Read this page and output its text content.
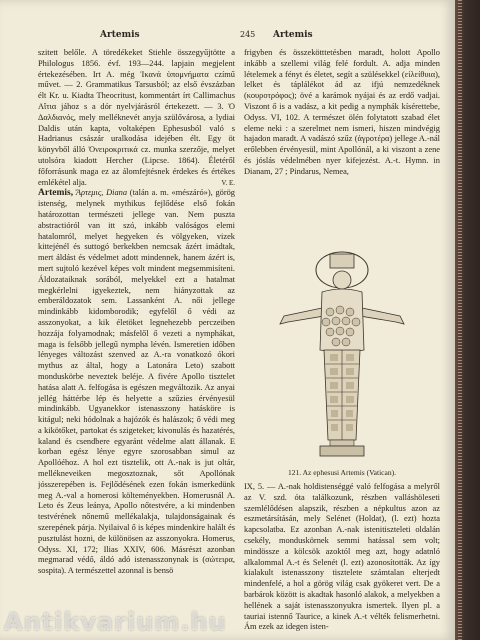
Artemis	245 Artemis

szitett belőle. A töredékeket Stiehle összegyűjtötte a Philologus 1856. évf. 193—244. lapjain megjelent értekezésében. Irt A. még Ἱκανά ὑπομνήματα czímű művet. — 2. Grammatikus Tarsusból; az első évszázban élt Kr. u. Kiadta Theocritust, kommentárt írt Callimachus Αἴτια jához s a dór nyelvjárásról értekezett. — 3. Ὁ Δαλδιανός, mely melléknevét anyja szülővárosa, a lydiai Daldis után kapta, voltaképen Ephesusból való s Hadrianus császár uralkodása idejében élt. Egy öt könyvből álló Ὀνειροκριτικά cz. munka szerzője, melyet utolsóra kiadott Hercher (Lipcse. 1864). Életéről főforrásunk maga ez az álomfejtésnek érdekes és értékes emlékétel alja.	V. E.

Artemis, Ἄρτεμις, Diana (talán a. m. «mészáró»), görög istenség, melynek mythikus fejlődése első fokán határozottan természeti jellege van. Nem puszta abstractióról van itt szó, inkább valóságos elemi hatalomról, melyet hegyeken és völgyeken, vizek kittejénél és suttogó berkekben nemcsak ázért imádtak, mert áldást és védelmet adott mindennek, hanem ázért is, mert sujtoló kezével képes volt mindent megsemmisíteni. Áldozataiknak sorából, melyekkel ezt a hatalmat megkérlelni igyekeztek, nem hiányzottak az emberáldozatok sem. Lassanként A. női jellege mindinkább kidomborodik; egyfelől ő védi az asszonyokat, a kik életöket legnehezebb perczeiben hozzája folyamodnak; másfelől ő vezeti a nymphákat, maga is felsőbb jellegű nympha lévén. Ismeretien időben lényeges változást szenved az A.-ra vonatkozó ókori mythus az által, hogy a Latonára Leto) szabott monduskörbe neveztek beléje. A fivére Apollo tisztelet hatása alatt A. felfogása is egészen megváltozik. Az anyai jellég háttérbe lép és helyette a szűzies érvényesül mindinkább. Ugyanekkor istenasszony hatáskörе is kitágul; neki hódolnak a hajózók és halászok; ő védi meg a kikötőket, partokat és szigeteket; kivonulás és hazatérés, kaland és csendbere egyaránt védelme alatt állanak. E korban egész lénye egyre szorosabban simul az Apollóéhoz. A hol ezt tisztelik, ott A.-nak is jut oltár, mellékneveiken megosztoznak, sőt Apollónak jósszerepében is. Fejlődésének ezen fokán ismerkedünk meg A.-val a homerosi költeményekben. Homerusnál A. Leto és Zeus leánya, Apollo nőtestvére, a ki mindenben testvérének nőnemű mellékalakja, tulajdonságainak és szerepének párja. Nyilaival ő is képes mindenkire halált és pusztulást hozni, de különösen az asszonyokra. Homerus, Odyss. XI, 172; Ilias XXIV, 606. Másrészt azonban megmarad védő, áldó adó istenasszonynak is (σώτειρα, sospita). A természettel azonnal is bensö

frigyben és összekötttetésben maradt, holott Apollo inkább a szellemi világ felé fordult. A. adja minden lételemek a fényt és életet, segít a szülésekkel (εἰλείθυια), lelket és táplálékot ád az ifjú nemzedéknek (κουροτρόφος); övé a karámok nyájai és az erdő vadjai. Viszont ő is a vadász, a kit pedig a nymphák kísérettebe, Odyss. VI, 102. A természet ölén folytatott szabad élet eleme neki : a szerelmet nem ismeri, hiszen mindvégig hajadon maradt. A vadászó szűz (ἀγροτέρα) jellege A.-nál erőlebben érvényesül, mint Apollónál, a ki viszont a zene és jóslás védelmében nyer kifejezést. A.-t. Hymn. in Dianam, 27 ; Pindarus, Nemea,

121. Az ephesusi Artemis (Vatican).

IX, 5. — A.-nak holdistenséggé való felfogása a melyről az V. szd. óta találkozunk, részben valláshöleseti szemlélődésen alapszik, részben a népkultus azon az eszmetársításán, mely Selénet (Holdat), (l. ezt) hozta kapcsolatba. Ez azonban A.-nak istenitiszteleti oldalán csekély, monduskörnek semmi hatással sem volt; mindössze a kölcsök azoktól meg azt, hogy adatnló alkalommal A.-t és Selenét (l. ezt) azonosították. Az így kialakult istenasszony tisztelete számtalan elterjedt mindenfelé, a hol a görög világ csak gyökeret vert. De a barbárok között is akadtak hasonló alakok, a melyekben a hellének a saját istenasszonyukra ismertek. Ilyen pl. a tauriai istennő Taurice, a kinek A.-t vélték felismerhetni. Ám ezek az idegen isten-

Antikvarium.hu
